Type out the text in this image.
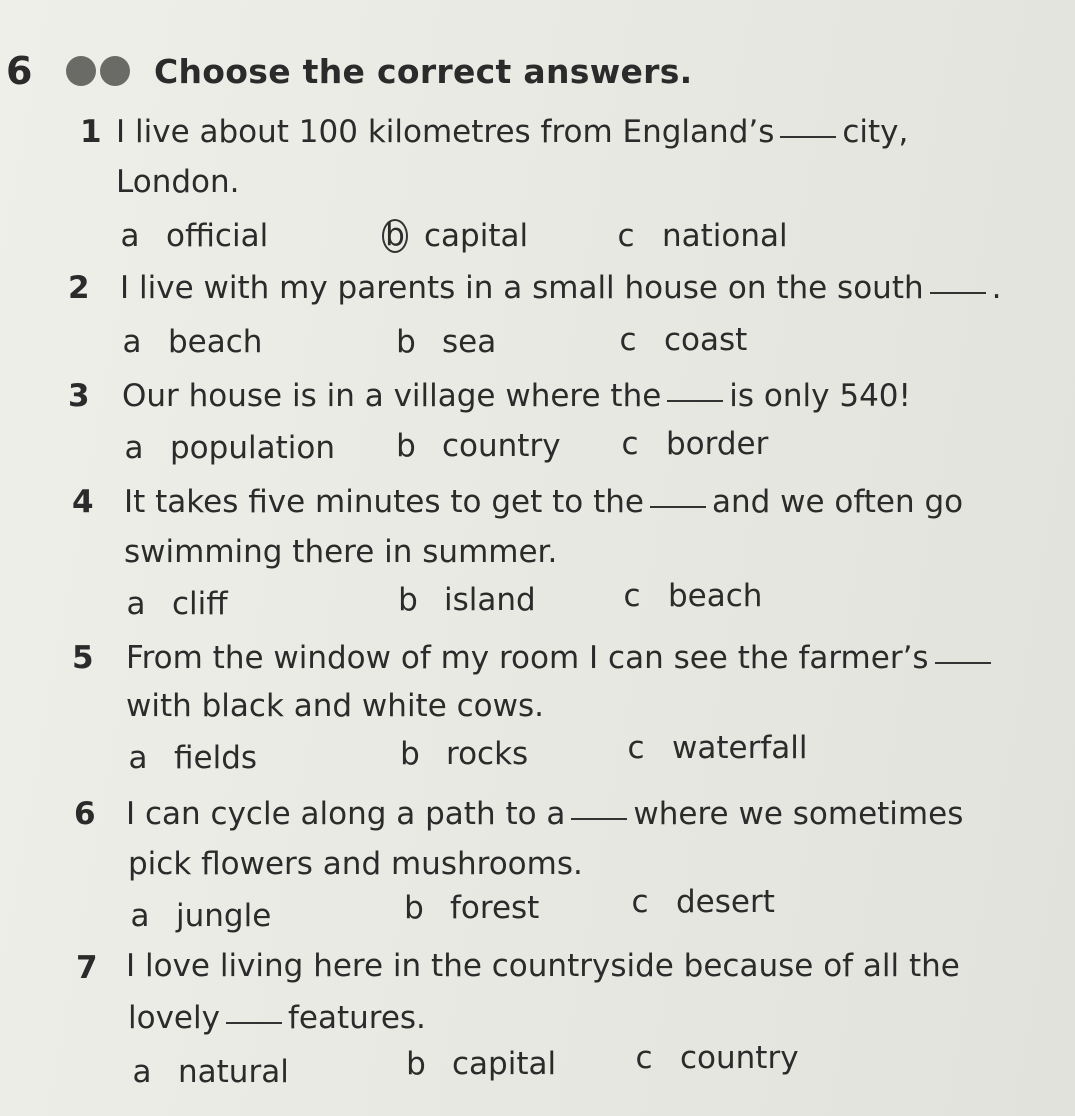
6	Choose the correct answers.
1 I live about 100 kilometres from England’s city,
London.
a official	b capital	c national
2 I live with my parents in a small house on the south .
a beach	b sea	c coast
3 Our house is in a village where the is only 540!
a population b country c border
4 It takes five minutes to get to the and we often go
swimming there in summer.
a cliff	b island	c beach
5 From the window of my room I can see the farmer’s
with black and white cows.
a fields	b rocks	c waterfall
6 I can cycle along a path to a where we sometimes
pick flowers and mushrooms.
a jungle	b forest	c desert
7 I love living here in the countryside because of all the
lovely features.
a natural	b capital	c country
